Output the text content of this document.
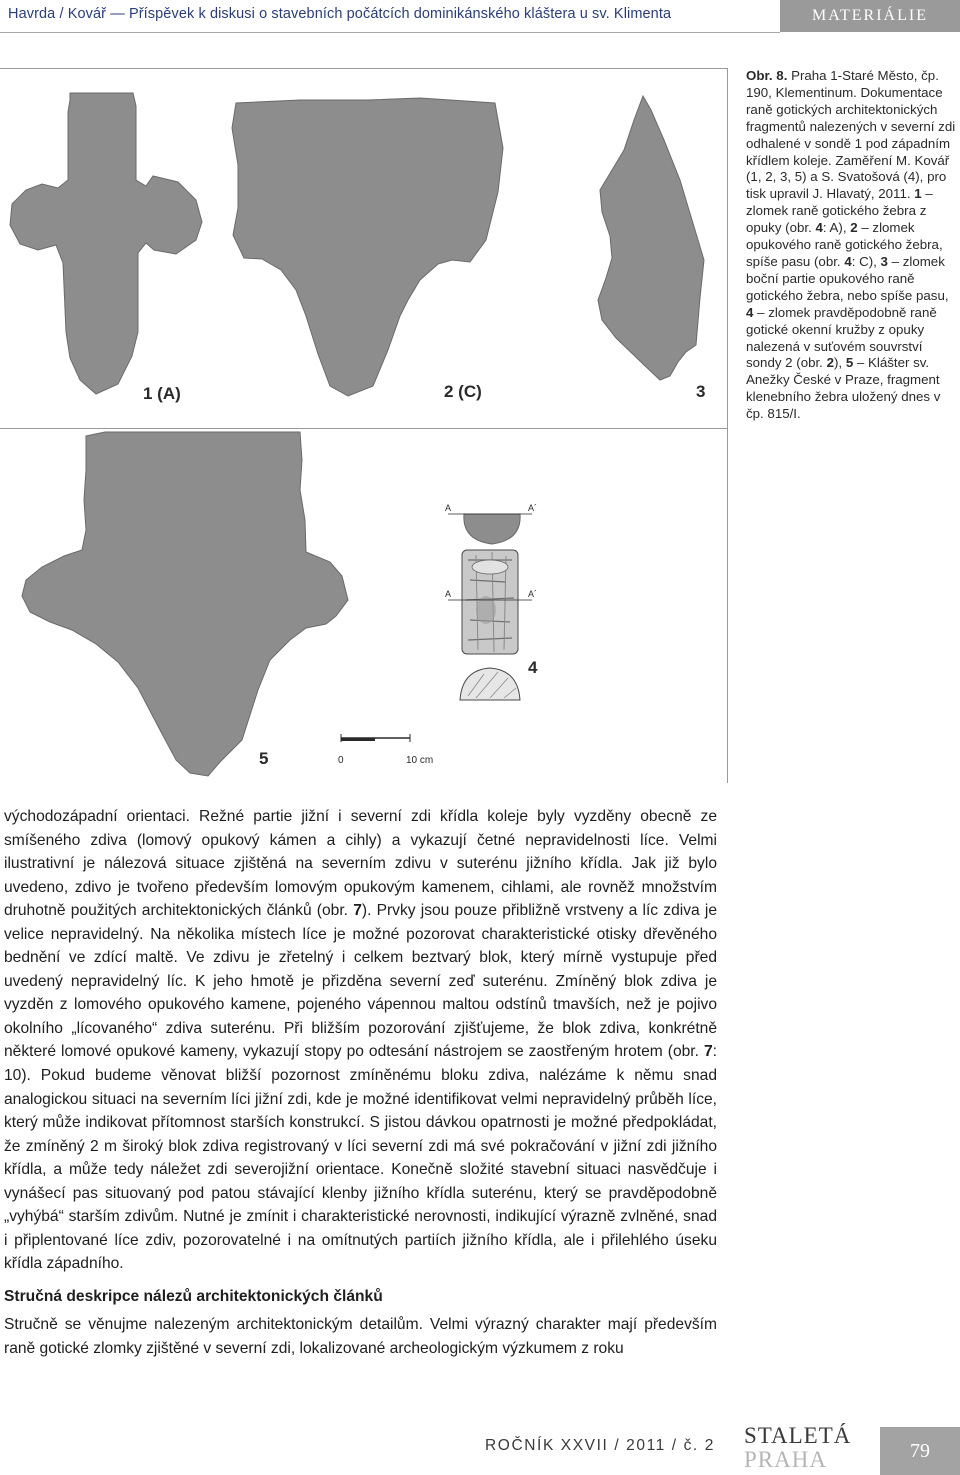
Havrda / Kovář — Příspěvek k diskusi o stavebních počátcích dominikánského kláštera u sv. Klimenta	MATERIÁLIE
1 (A)	2 (C)	3
4
5
A	A´
A	A´
0	10 cm

Obr. 8. Praha 1-Staré Město, čp. 190, Klementinum. Dokumentace raně gotických architektonických fragmentů nalezených v severní zdi odhalené v sondě 1 pod západním křídlem koleje. Zaměření M. Kovář (1, 2, 3, 5) a S. Svatošová (4), pro tisk upravil J. Hlavatý, 2011. 1 – zlomek raně gotického žebra z opuky (obr. 4: A), 2 – zlomek opukového raně gotického žebra, spíše pasu (obr. 4: C), 3 – zlomek boční partie opukového raně gotického žebra, nebo spíše pasu, 4 – zlomek pravděpodobně raně gotické okenní kružby z opuky nalezená v suťovém souvrství sondy 2 (obr. 2), 5 – Klášter sv. Anežky České v Praze, fragment klenebního žebra uložený dnes v čp. 815/I.

východozápadní orientaci. Režné partie jižní i severní zdi křídla koleje byly vyzděny obecně ze smíšeného zdiva (lomový opukový kámen a cihly) a vykazují četné nepravidelnosti líce. Velmi ilustrativní je nálezová situace zjištěná na severním zdivu v suterénu jižního křídla. Jak již bylo uvedeno, zdivo je tvořeno především lomovým opukovým kamenem, cihlami, ale rovněž množstvím druhotně použitých architektonických článků (obr. 7). Prvky jsou pouze přibližně vrstveny a líc zdiva je velice nepravidelný. Na několika místech líce je možné pozorovat charakteristické otisky dřevěného bednění ve zdící maltě. Ve zdivu je zřetelný i celkem beztvarý blok, který mírně vystupuje před uvedený nepravidelný líc. K jeho hmotě je přizděna severní zeď suterénu. Zmíněný blok zdiva je vyzděn z lomového opukového kamene, pojeného vápennou maltou odstínů tmavších, než je pojivo okolního „lícovaného“ zdiva suterénu. Při bližším pozorování zjišťujeme, že blok zdiva, konkrétně některé lomové opukové kameny, vykazují stopy po odtesání nástrojem se zaostřeným hrotem (obr. 7: 10). Pokud budeme věnovat bližší pozornost zmíněnému bloku zdiva, nalézáme k němu snad analogickou situaci na severním líci jižní zdi, kde je možné identifikovat velmi nepravidelný průběh líce, který může indikovat přítomnost starších konstrukcí. S jistou dávkou opatrnosti je možné předpokládat, že zmíněný 2 m široký blok zdiva registrovaný v líci severní zdi má své pokračování v jižní zdi jižního křídla, a může tedy náležet zdi severojižní orientace. Konečně složité stavební situaci nasvědčuje i vynášecí pas situovaný pod patou stávající klenby jižního křídla suterénu, který se pravděpodobně „vyhýbá“ starším zdivům. Nutné je zmínit i charakteristické nerovnosti, indikující výrazně zvlněné, snad i připlentované líce zdiv, pozorovatelné i na omítnutých partiích jižního křídla, ale i přilehlého úseku křídla západního.

Stručná deskripce nálezů architektonických článků
Stručně se věnujme nalezeným architektonickým detailům. Velmi výrazný charakter mají především raně gotické zlomky zjištěné v severní zdi, lokalizované archeologickým výzkumem z roku
ROČNÍK XXVII / 2011 / č. 2 STALETÁ
PRAHA	79
